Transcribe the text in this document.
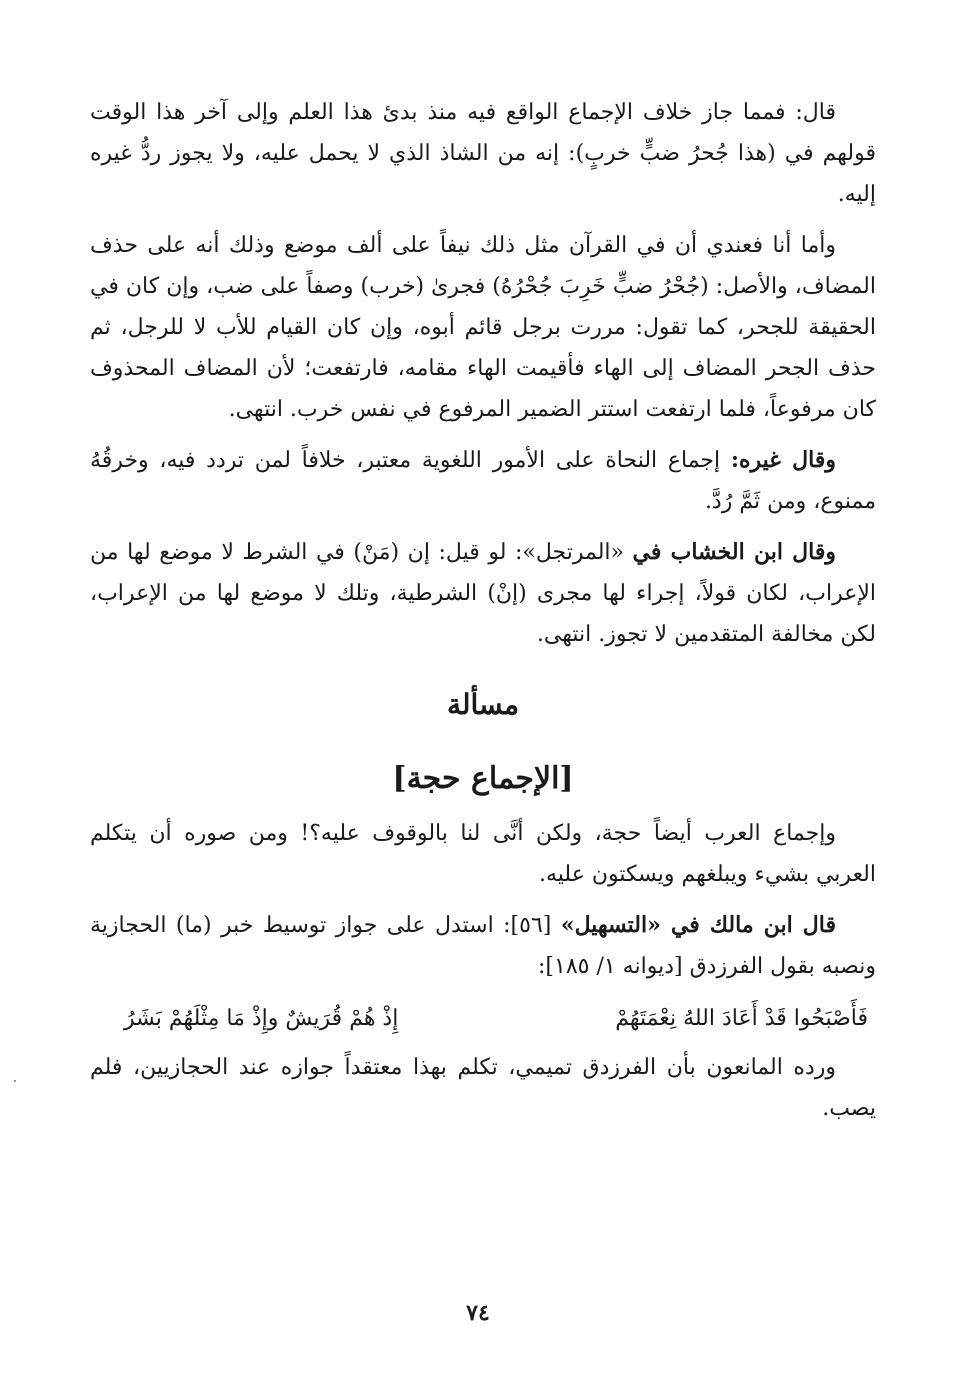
قال: فمما جاز خلاف الإجماع الواقع فيه منذ بدئ هذا العلم وإلى آخر هذا الوقت قولهم في (هذا جُحرُ ضبٍّ خربٍ): إنه من الشاذ الذي لا يحمل عليه، ولا يجوز ردُّ غيره إليه.

وأما أنا فعندي أن في القرآن مثل ذلك نيفاً على ألف موضع وذلك أنه على حذف المضاف، والأصل: (جُحْرُ ضبٍّ خَرِبَ جُحْرُهُ) فجرىٰ (خرب) وصفاً على ضب، وإن كان في الحقيقة للجحر، كما تقول: مررت برجل قائم أبوه، وإن كان القيام للأب لا للرجل، ثم حذف الجحر المضاف إلى الهاء فأقيمت الهاء مقامه، فارتفعت؛ لأن المضاف المحذوف كان مرفوعاً، فلما ارتفعت استتر الضمير المرفوع في نفس خرب. انتهى.

وقال غيره: إجماع النحاة على الأمور اللغوية معتبر، خلافاً لمن تردد فيه، وخرقُهُ ممنوع، ومن ثَمَّ رُدَّ.

وقال ابن الخشاب في «المرتجل»: لو قيل: إن (مَنْ) في الشرط لا موضع لها من الإعراب، لكان قولاً، إجراء لها مجرى (إنْ) الشرطية، وتلك لا موضع لها من الإعراب، لكن مخالفة المتقدمين لا تجوز. انتهى.

مسألة
[الإجماع حجة]

وإجماع العرب أيضاً حجة، ولكن أنَّى لنا بالوقوف عليه؟! ومن صوره أن يتكلم العربي بشيء ويبلغهم ويسكتون عليه.

قال ابن مالك في «التسهيل» [٥٦]: استدل على جواز توسيط خبر (ما) الحجازية ونصبه بقول الفرزدق [ديوانه ١/ ١٨٥]:

فَأَصْبَحُوا قَدْ أَعَادَ اللهُ نِعْمَتَهُمْ
إِذْ هُمْ قُرَيشٌ وإِذْ مَا مِثْلَهُمْ بَشَرُ

ورده المانعون بأن الفرزدق تميمي، تكلم بهذا معتقداً جوازه عند الحجازيين، فلم يصب.

٧٤
